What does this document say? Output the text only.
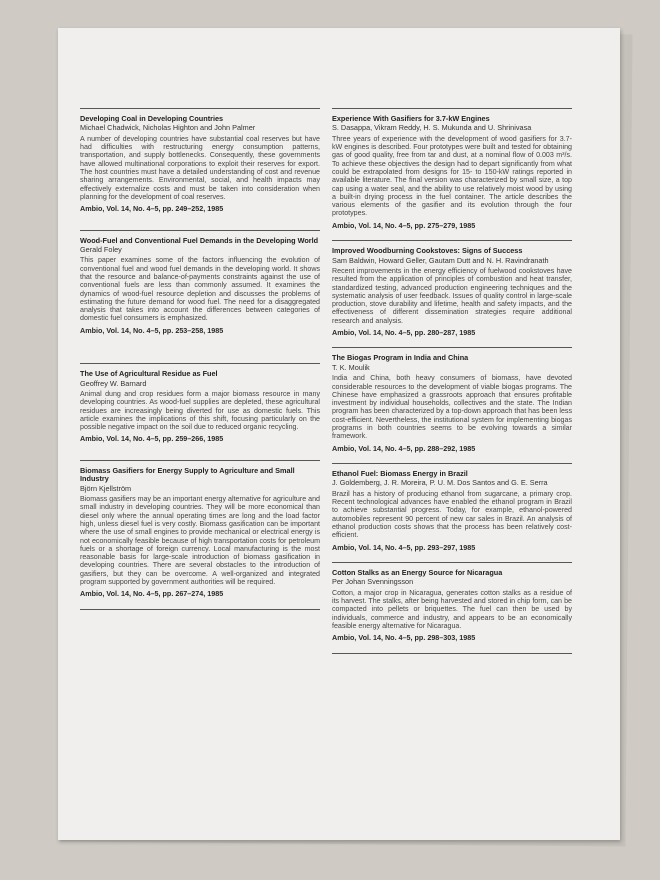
Developing Coal in Developing Countries
Michael Chadwick, Nicholas Highton and John Palmer
A number of developing countries have substantial coal reserves but have had difficulties with restructuring energy consumption patterns, transportation, and supply bottlenecks. Consequently, these governments have allowed multinational corporations to exploit their reserves for export. The host countries must have a detailed understanding of cost and revenue sharing arrangements. Environmental, social, and health impacts may effectively externalize costs and must be taken into consideration when planning for the development of coal reserves.
Ambio, Vol. 14, No. 4–5, pp. 249–252, 1985
Wood-Fuel and Conventional Fuel Demands in the Developing World
Gerald Foley
This paper examines some of the factors influencing the evolution of conventional fuel and wood fuel demands in the developing world. It shows that the resource and balance-of-payments constraints against the use of conventional fuels are less than commonly assumed. It examines the dynamics of wood-fuel resource depletion and discusses the problems of estimating the future demand for wood fuel. The need for a disaggregated analysis that takes into account the differences between categories of domestic fuel consumers is emphasized.
Ambio, Vol. 14, No. 4–5, pp. 253–258, 1985
The Use of Agricultural Residue as Fuel
Geoffrey W. Barnard
Animal dung and crop residues form a major biomass resource in many developing countries. As wood-fuel supplies are depleted, these agricultural residues are increasingly being diverted for use as domestic fuels. This article examines the implications of this shift, focusing particularly on the possible negative impact on the soil due to reduced organic recycling.
Ambio, Vol. 14, No. 4–5, pp. 259–266, 1985
Biomass Gasifiers for Energy Supply to Agriculture and Small Industry
Björn Kjellström
Biomass gasifiers may be an important energy alternative for agriculture and small industry in developing countries. They will be more economical than diesel only where the annual operating times are long and the load factor high, unless diesel fuel is very costly. Biomass gasification can be important where the use of small engines to provide mechanical or electrical energy is not economically feasible because of high transportation costs for petroleum fuels or a shortage of foreign currency. Local manufacturing is the most reasonable basis for large-scale introduction of biomass gasification in developing countries. There are several obstacles to the introduction of gasifiers, but they can be overcome. A well-organized and integrated program supported by government authorities will be required.
Ambio, Vol. 14, No. 4–5, pp. 267–274, 1985
Experience With Gasifiers for 3.7-kW Engines
S. Dasappa, Vikram Reddy, H. S. Mukunda and U. Shrinivasa
Three years of experience with the development of wood gasifiers for 3.7-kW engines is described. Four prototypes were built and tested for obtaining gas of good quality, free from tar and dust, at a nominal flow of 0.003 m³/s. To achieve these objectives the design had to depart significantly from what could be extrapolated from designs for 15- to 150-kW ratings reported in available literature. The final version was characterized by small size, a top cap using a water seal, and the ability to use relatively moist wood by using a built-in drying process in the fuel container. The article describes the various elements of the gasifier and its evolution through the four prototypes.
Ambio, Vol. 14, No. 4–5, pp. 275–279, 1985
Improved Woodburning Cookstoves: Signs of Success
Sam Baldwin, Howard Geller, Gautam Dutt and N. H. Ravindranath
Recent improvements in the energy efficiency of fuelwood cookstoves have resulted from the application of principles of combustion and heat transfer, standardized testing, advanced production engineering techniques and the systematic analysis of user feedback. Issues of quality control in large-scale production, stove durability and lifetime, health and safety impacts, and the effectiveness of different dissemination strategies require additional research and analysis.
Ambio, Vol. 14, No. 4–5, pp. 280–287, 1985
The Biogas Program in India and China
T. K. Moulik
India and China, both heavy consumers of biomass, have devoted considerable resources to the development of viable biogas programs. The Chinese have emphasized a grassroots approach that ensures profitable investment by individual households, collectives and the state. The Indian program has been characterized by a top-down approach that has been less cost-efficient. Nevertheless, the institutional system for implementing biogas programs in both countries seems to be evolving towards a similar framework.
Ambio, Vol. 14, No. 4–5, pp. 288–292, 1985
Ethanol Fuel: Biomass Energy in Brazil
J. Goldemberg, J. R. Moreira, P. U. M. Dos Santos and G. E. Serra
Brazil has a history of producing ethanol from sugarcane, a primary crop. Recent technological advances have enabled the ethanol program in Brazil to achieve substantial progress. Today, for example, ethanol-powered automobiles represent 90 percent of new car sales in Brazil. An analysis of ethanol production costs shows that the process has been relatively cost-efficient.
Ambio, Vol. 14, No. 4–5, pp. 293–297, 1985
Cotton Stalks as an Energy Source for Nicaragua
Per Johan Svenningsson
Cotton, a major crop in Nicaragua, generates cotton stalks as a residue of its harvest. The stalks, after being harvested and stored in chip form, can be compacted into pellets or briquettes. The fuel can then be used by individuals, commerce and industry, and appears to be an economically feasible energy alternative for Nicaragua.
Ambio, Vol. 14, No. 4–5, pp. 298–303, 1985
